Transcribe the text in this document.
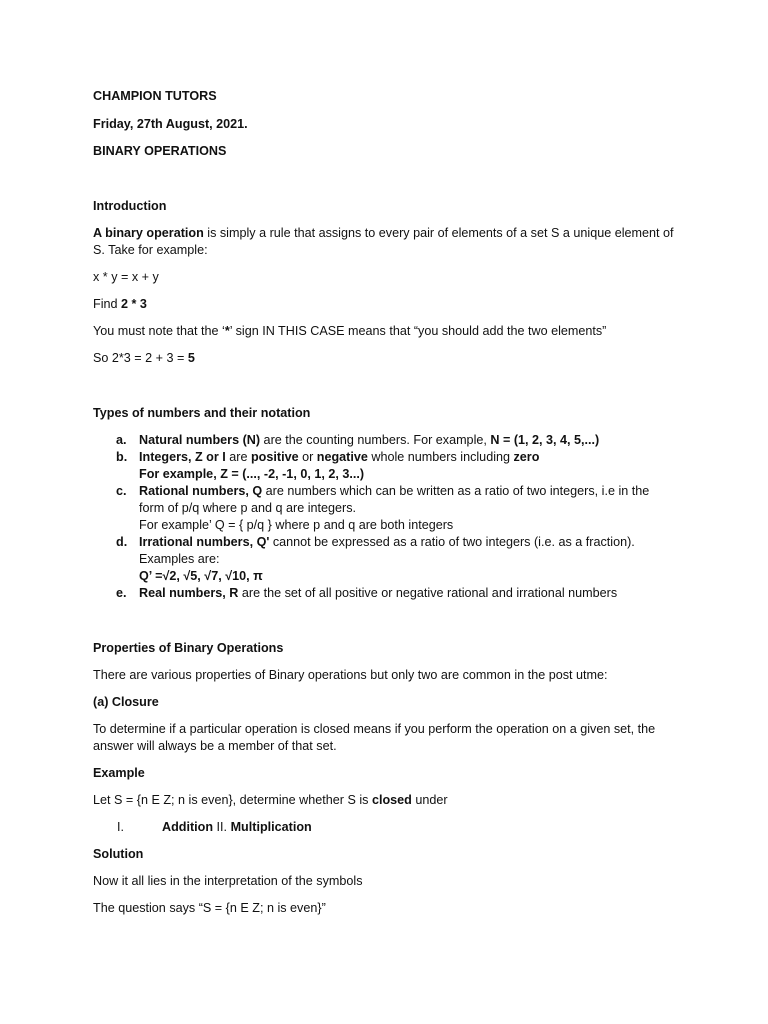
CHAMPION TUTORS

Friday, 27th August, 2021.

BINARY OPERATIONS

Introduction

A binary operation is simply a rule that assigns to every pair of elements of a set S a unique element of S. Take for example:

x * y = x + y

Find 2 * 3

You must note that the ‘*’ sign IN THIS CASE means that “you should add the two elements”

So 2*3 = 2 + 3 = 5

Types of numbers and their notation

a. Natural numbers (N) are the counting numbers. For example, N = (1, 2, 3, 4, 5,...)
b. Integers, Z or I are positive or negative whole numbers including zero
For example, Z = (..., -2, -1, 0, 1, 2, 3...)
c. Rational numbers, Q are numbers which can be written as a ratio of two integers, i.e in the
form of p/q where p and q are integers.
For example’ Q = { p/q } where p and q are both integers
d. Irrational numbers, Q' cannot be expressed as a ratio of two integers (i.e. as a fraction).
Examples are:
Q’ =√2, √5, √7, √10, π
e. Real numbers, R are the set of all positive or negative rational and irrational numbers

Properties of Binary Operations

There are various properties of Binary operations but only two are common in the post utme:

(a) Closure

To determine if a particular operation is closed means if you perform the operation on a given set, the answer will always be a member of that set.

Example

Let S = {n E Z; n is even}, determine whether S is closed under

I.	Addition II. Multiplication

Solution

Now it all lies in the interpretation of the symbols

The question says “S = {n E Z; n is even}”
